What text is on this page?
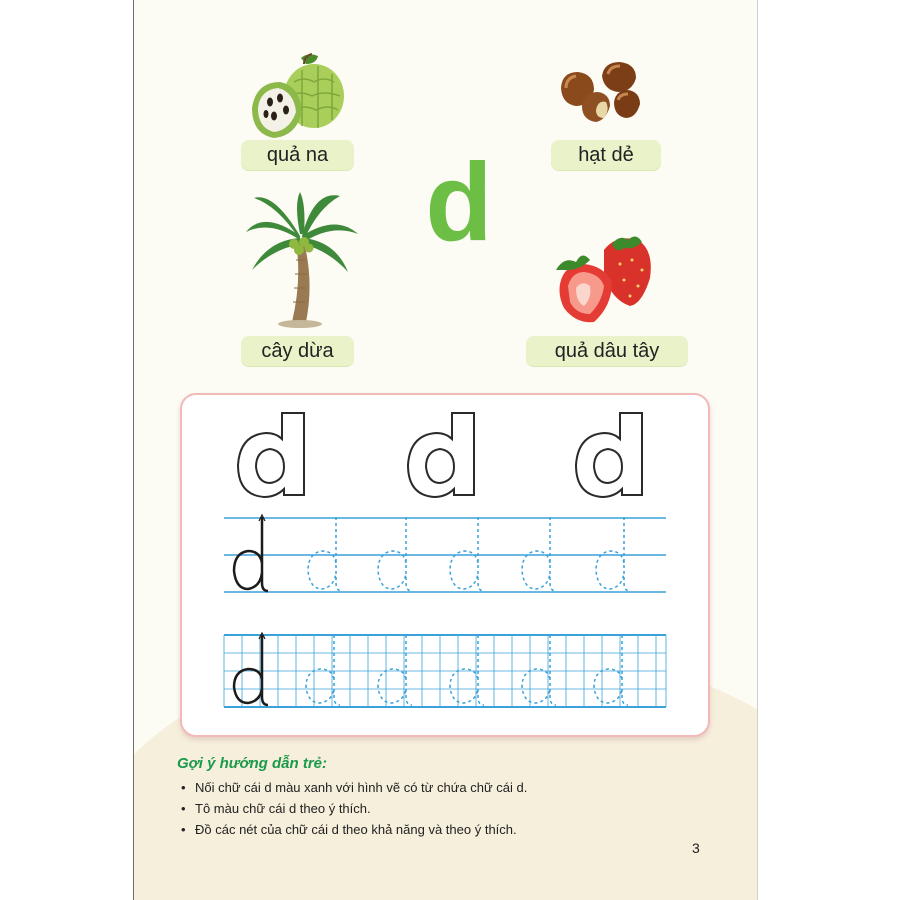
quả na	hạt dẻ
d
cây dừa	quả dâu tây
Gợi ý hướng dẫn trẻ:
• Nối chữ cái d màu xanh với hình vẽ có từ chứa chữ cái d.
• Tô màu chữ cái d theo ý thích.
• Đồ các nét của chữ cái d theo khả năng và theo ý thích.
3
